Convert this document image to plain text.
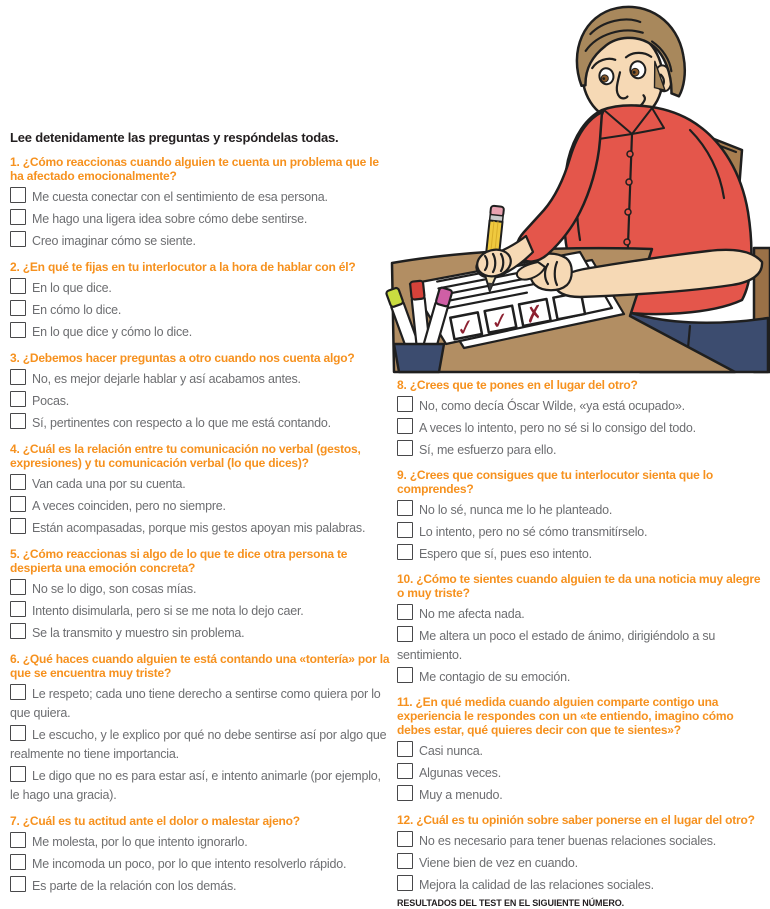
Lee detenidamente las preguntas y respóndelas todas.
1. ¿Cómo reaccionas cuando alguien te cuenta un problema que le ha afectado emocionalmente?
Me cuesta conectar con el sentimiento de esa persona.
Me hago una ligera idea sobre cómo debe sentirse.
Creo imaginar cómo se siente.
2. ¿En qué te fijas en tu interlocutor a la hora de hablar con él?
En lo que dice.
En cómo lo dice.
En lo que dice y cómo lo dice.
3. ¿Debemos hacer preguntas a otro cuando nos cuenta algo?
No, es mejor dejarle hablar y así acabamos antes.
Pocas.
Sí, pertinentes con respecto a lo que me está contando.
4. ¿Cuál es la relación entre tu comunicación no verbal (gestos, expresiones) y tu comunicación verbal (lo que dices)?
Van cada una por su cuenta.
A veces coinciden, pero no siempre.
Están acompasadas, porque mis gestos apoyan mis palabras.
5. ¿Cómo reaccionas si algo de lo que te dice otra persona te despierta una emoción concreta?
No se lo digo, son cosas mías.
Intento disimularla, pero si se me nota lo dejo caer.
Se la transmito y muestro sin problema.
6. ¿Qué haces cuando alguien te está contando una «tontería» por la que se encuentra muy triste?
Le respeto; cada uno tiene derecho a sentirse como quiera por lo que quiera.
Le escucho, y le explico por qué no debe sentirse así por algo que realmente no tiene importancia.
Le digo que no es para estar así, e intento animarle (por ejemplo, le hago una gracia).
7. ¿Cuál es tu actitud ante el dolor o malestar ajeno?
Me molesta, por lo que intento ignorarlo.
Me incomoda un poco, por lo que intento resolverlo rápido.
Es parte de la relación con los demás.
✓ ✓ ✗
8. ¿Crees que te pones en el lugar del otro?
No, como decía Óscar Wilde, «ya está ocupado».
A veces lo intento, pero no sé si lo consigo del todo.
Sí, me esfuerzo para ello.
9. ¿Crees que consigues que tu interlocutor sienta que lo comprendes?
No lo sé, nunca me lo he planteado.
Lo intento, pero no sé cómo transmitírselo.
Espero que sí, pues eso intento.
10. ¿Cómo te sientes cuando alguien te da una noticia muy alegre o muy triste?
No me afecta nada.
Me altera un poco el estado de ánimo, dirigiéndolo a su sentimiento.
Me contagio de su emoción.
11. ¿En qué medida cuando alguien comparte contigo una experiencia le respondes con un «te entiendo, imagino cómo debes estar, qué quieres decir con que te sientes»?
Casi nunca.
Algunas veces.
Muy a menudo.
12. ¿Cuál es tu opinión sobre saber ponerse en el lugar del otro?
No es necesario para tener buenas relaciones sociales.
Viene bien de vez en cuando.
Mejora la calidad de las relaciones sociales.
RESULTADOS DEL TEST EN EL SIGUIENTE NÚMERO.
